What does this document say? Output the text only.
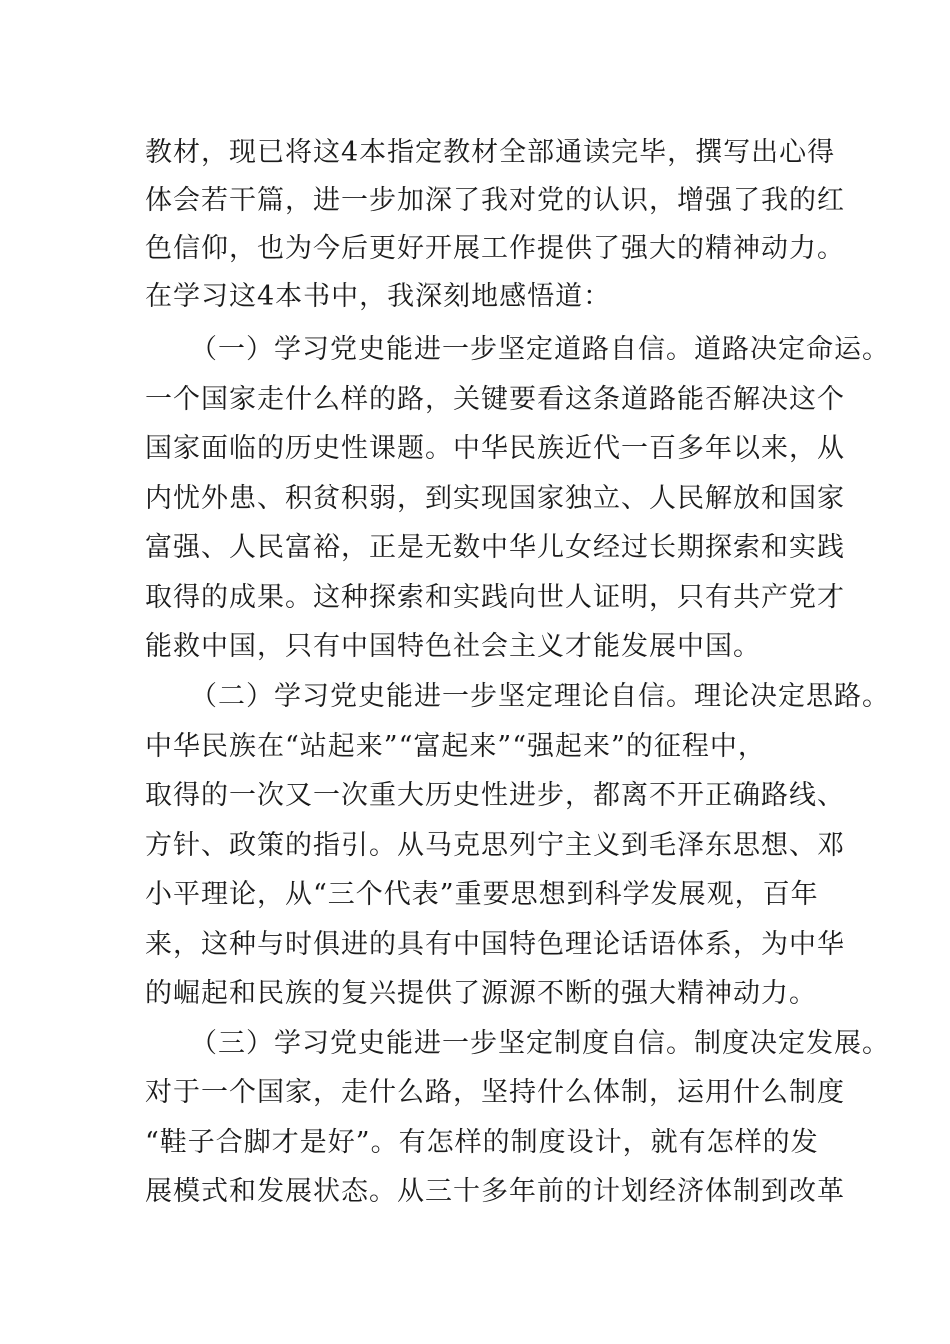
教材，现已将这4本指定教材全部通读完毕，撰写出心得
体会若干篇，进一步加深了我对党的认识，增强了我的红
色信仰，也为今后更好开展工作提供了强大的精神动力。
在学习这4本书中，我深刻地感悟道：
（一）学习党史能进一步坚定道路自信。道路决定命运。
一个国家走什么样的路，关键要看这条道路能否解决这个
国家面临的历史性课题。中华民族近代一百多年以来，从
内忧外患、积贫积弱，到实现国家独立、人民解放和国家
富强、人民富裕，正是无数中华儿女经过长期探索和实践
取得的成果。这种探索和实践向世人证明，只有共产党才
能救中国，只有中国特色社会主义才能发展中国。
（二）学习党史能进一步坚定理论自信。理论决定思路。
中华民族在“站起来”“富起来”“强起来”的征程中，
取得的一次又一次重大历史性进步，都离不开正确路线、
方针、政策的指引。从马克思列宁主义到毛泽东思想、邓
小平理论，从“三个代表”重要思想到科学发展观，百年
来，这种与时俱进的具有中国特色理论话语体系，为中华
的崛起和民族的复兴提供了源源不断的强大精神动力。
（三）学习党史能进一步坚定制度自信。制度决定发展。
对于一个国家，走什么路，坚持什么体制，运用什么制度
“鞋子合脚才是好”。有怎样的制度设计，就有怎样的发
展模式和发展状态。从三十多年前的计划经济体制到改革
